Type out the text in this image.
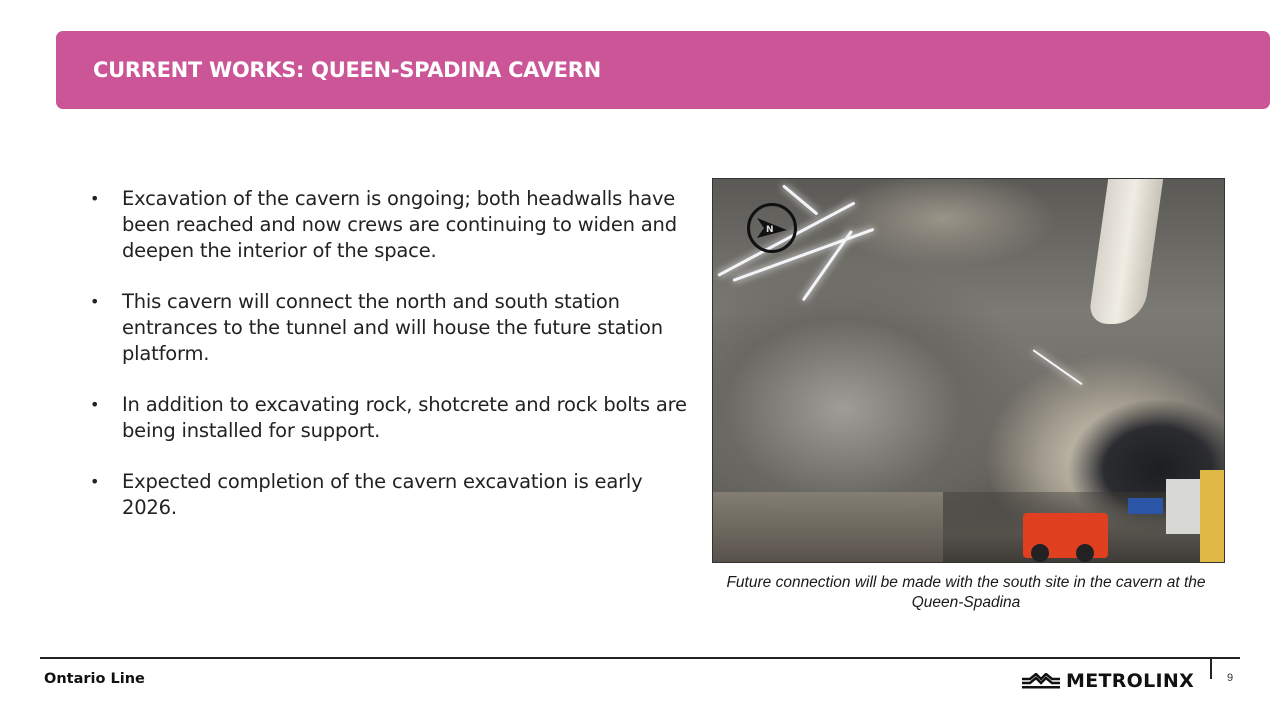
CURRENT WORKS: QUEEN-SPADINA CAVERN
• Excavation of the cavern is ongoing; both headwalls have been reached and now crews are continuing to widen and deepen the interior of the space.
• This cavern will connect the north and south station entrances to the tunnel and will house the future station platform.
• In addition to excavating rock, shotcrete and rock bolts are being installed for support.
• Expected completion of the cavern excavation is early 2026.
N
Future connection will be made with the south site in the cavern at the Queen-Spadina
Ontario Line	METROLINX	9
